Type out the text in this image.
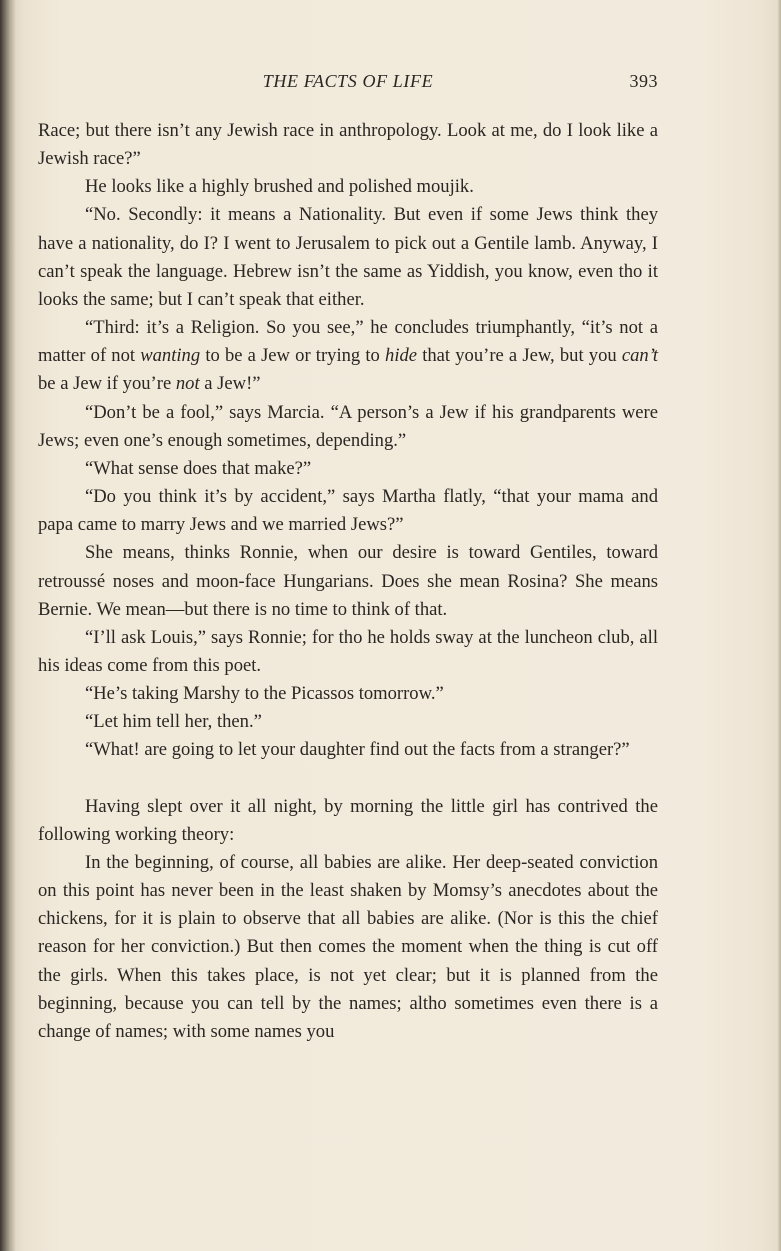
THE FACTS OF LIFE	393

Race; but there isn’t any Jewish race in anthropology. Look at me, do I look like a Jewish race?”

He looks like a highly brushed and polished moujik.

“No. Secondly: it means a Nationality. But even if some Jews think they have a nationality, do I? I went to Jerusalem to pick out a Gentile lamb. Anyway, I can’t speak the language. Hebrew isn’t the same as Yiddish, you know, even tho it looks the same; but I can’t speak that either.

“Third: it’s a Religion. So you see,” he concludes triumphantly, “it’s not a matter of not wanting to be a Jew or trying to hide that you’re a Jew, but you can’t be a Jew if you’re not a Jew!”

“Don’t be a fool,” says Marcia. “A person’s a Jew if his grandparents were Jews; even one’s enough sometimes, depending.”

“What sense does that make?”

“Do you think it’s by accident,” says Martha flatly, “that your mama and papa came to marry Jews and we married Jews?”

She means, thinks Ronnie, when our desire is toward Gentiles, toward retroussé noses and moon-face Hungarians. Does she mean Rosina? She means Bernie. We mean—but there is no time to think of that.

“I’ll ask Louis,” says Ronnie; for tho he holds sway at the luncheon club, all his ideas come from this poet.

“He’s taking Marshy to the Picassos tomorrow.”

“Let him tell her, then.”

“What! are going to let your daughter find out the facts from a stranger?”

Having slept over it all night, by morning the little girl has contrived the following working theory:

In the beginning, of course, all babies are alike. Her deep-seated conviction on this point has never been in the least shaken by Momsy’s anecdotes about the chickens, for it is plain to observe that all babies are alike. (Nor is this the chief reason for her conviction.) But then comes the moment when the thing is cut off the girls. When this takes place, is not yet clear; but it is planned from the beginning, because you can tell by the names; altho sometimes even there is a change of names; with some names you
